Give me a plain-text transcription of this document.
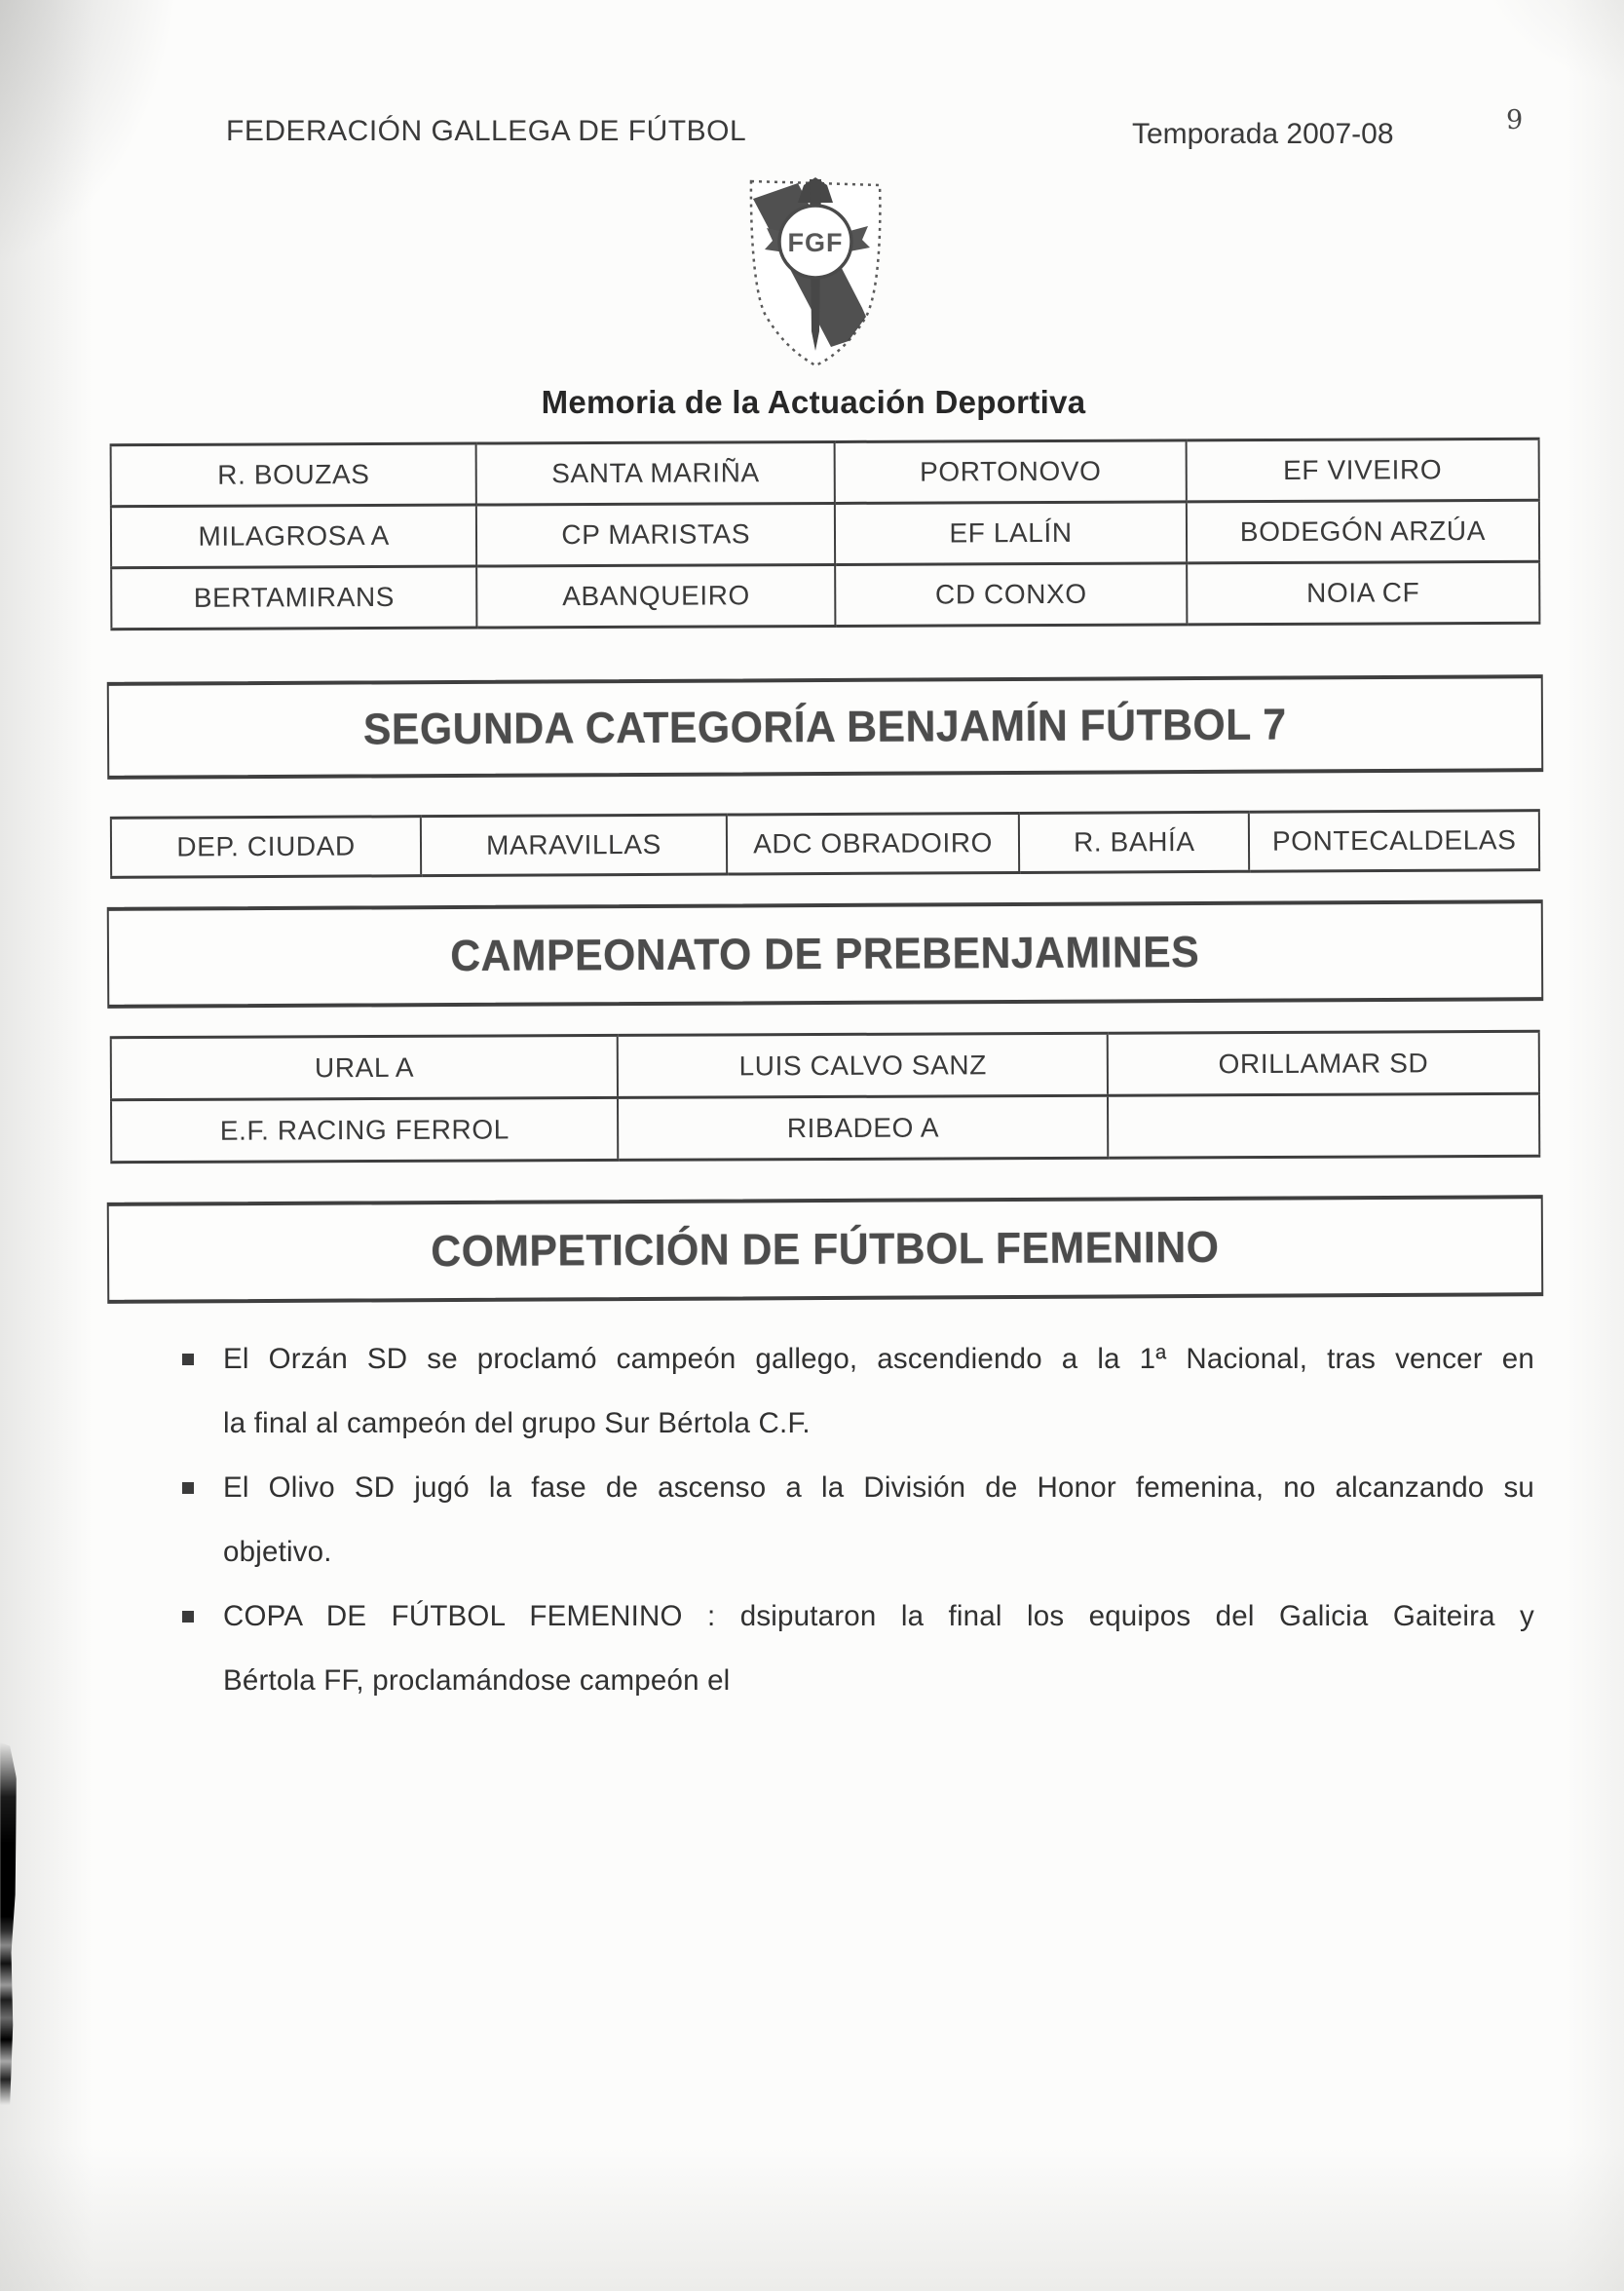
FEDERACIÓN GALLEGA DE FÚTBOL	Temporada 2007-08	9
FGF
Memoria de la Actuación Deportiva
R. BOUZAS	SANTA MARIÑA	PORTONOVO	EF VIVEIRO
MILAGROSA A	CP MARISTAS	EF LALÍN	BODEGÓN ARZÚA
BERTAMIRANS	ABANQUEIRO	CD CONXO	NOIA CF
SEGUNDA CATEGORÍA BENJAMÍN FÚTBOL 7
DEP. CIUDAD	MARAVILLAS	ADC OBRADOIRO	R. BAHÍA	PONTECALDELAS
CAMPEONATO DE PREBENJAMINES
URAL A	LUIS CALVO SANZ	ORILLAMAR SD
E.F. RACING FERROL	RIBADEO A	
COMPETICIÓN DE FÚTBOL FEMENINO
El Orzán SD se proclamó campeón gallego, ascendiendo a la 1ª Nacional, tras vencer en
la final al campeón del grupo Sur Bértola C.F.
El Olivo SD jugó la fase de ascenso a la División de Honor femenina, no alcanzando su
objetivo.
COPA DE FÚTBOL FEMENINO : dsiputaron la final los equipos del Galicia Gaiteira y
Bértola FF, proclamándose campeón el
